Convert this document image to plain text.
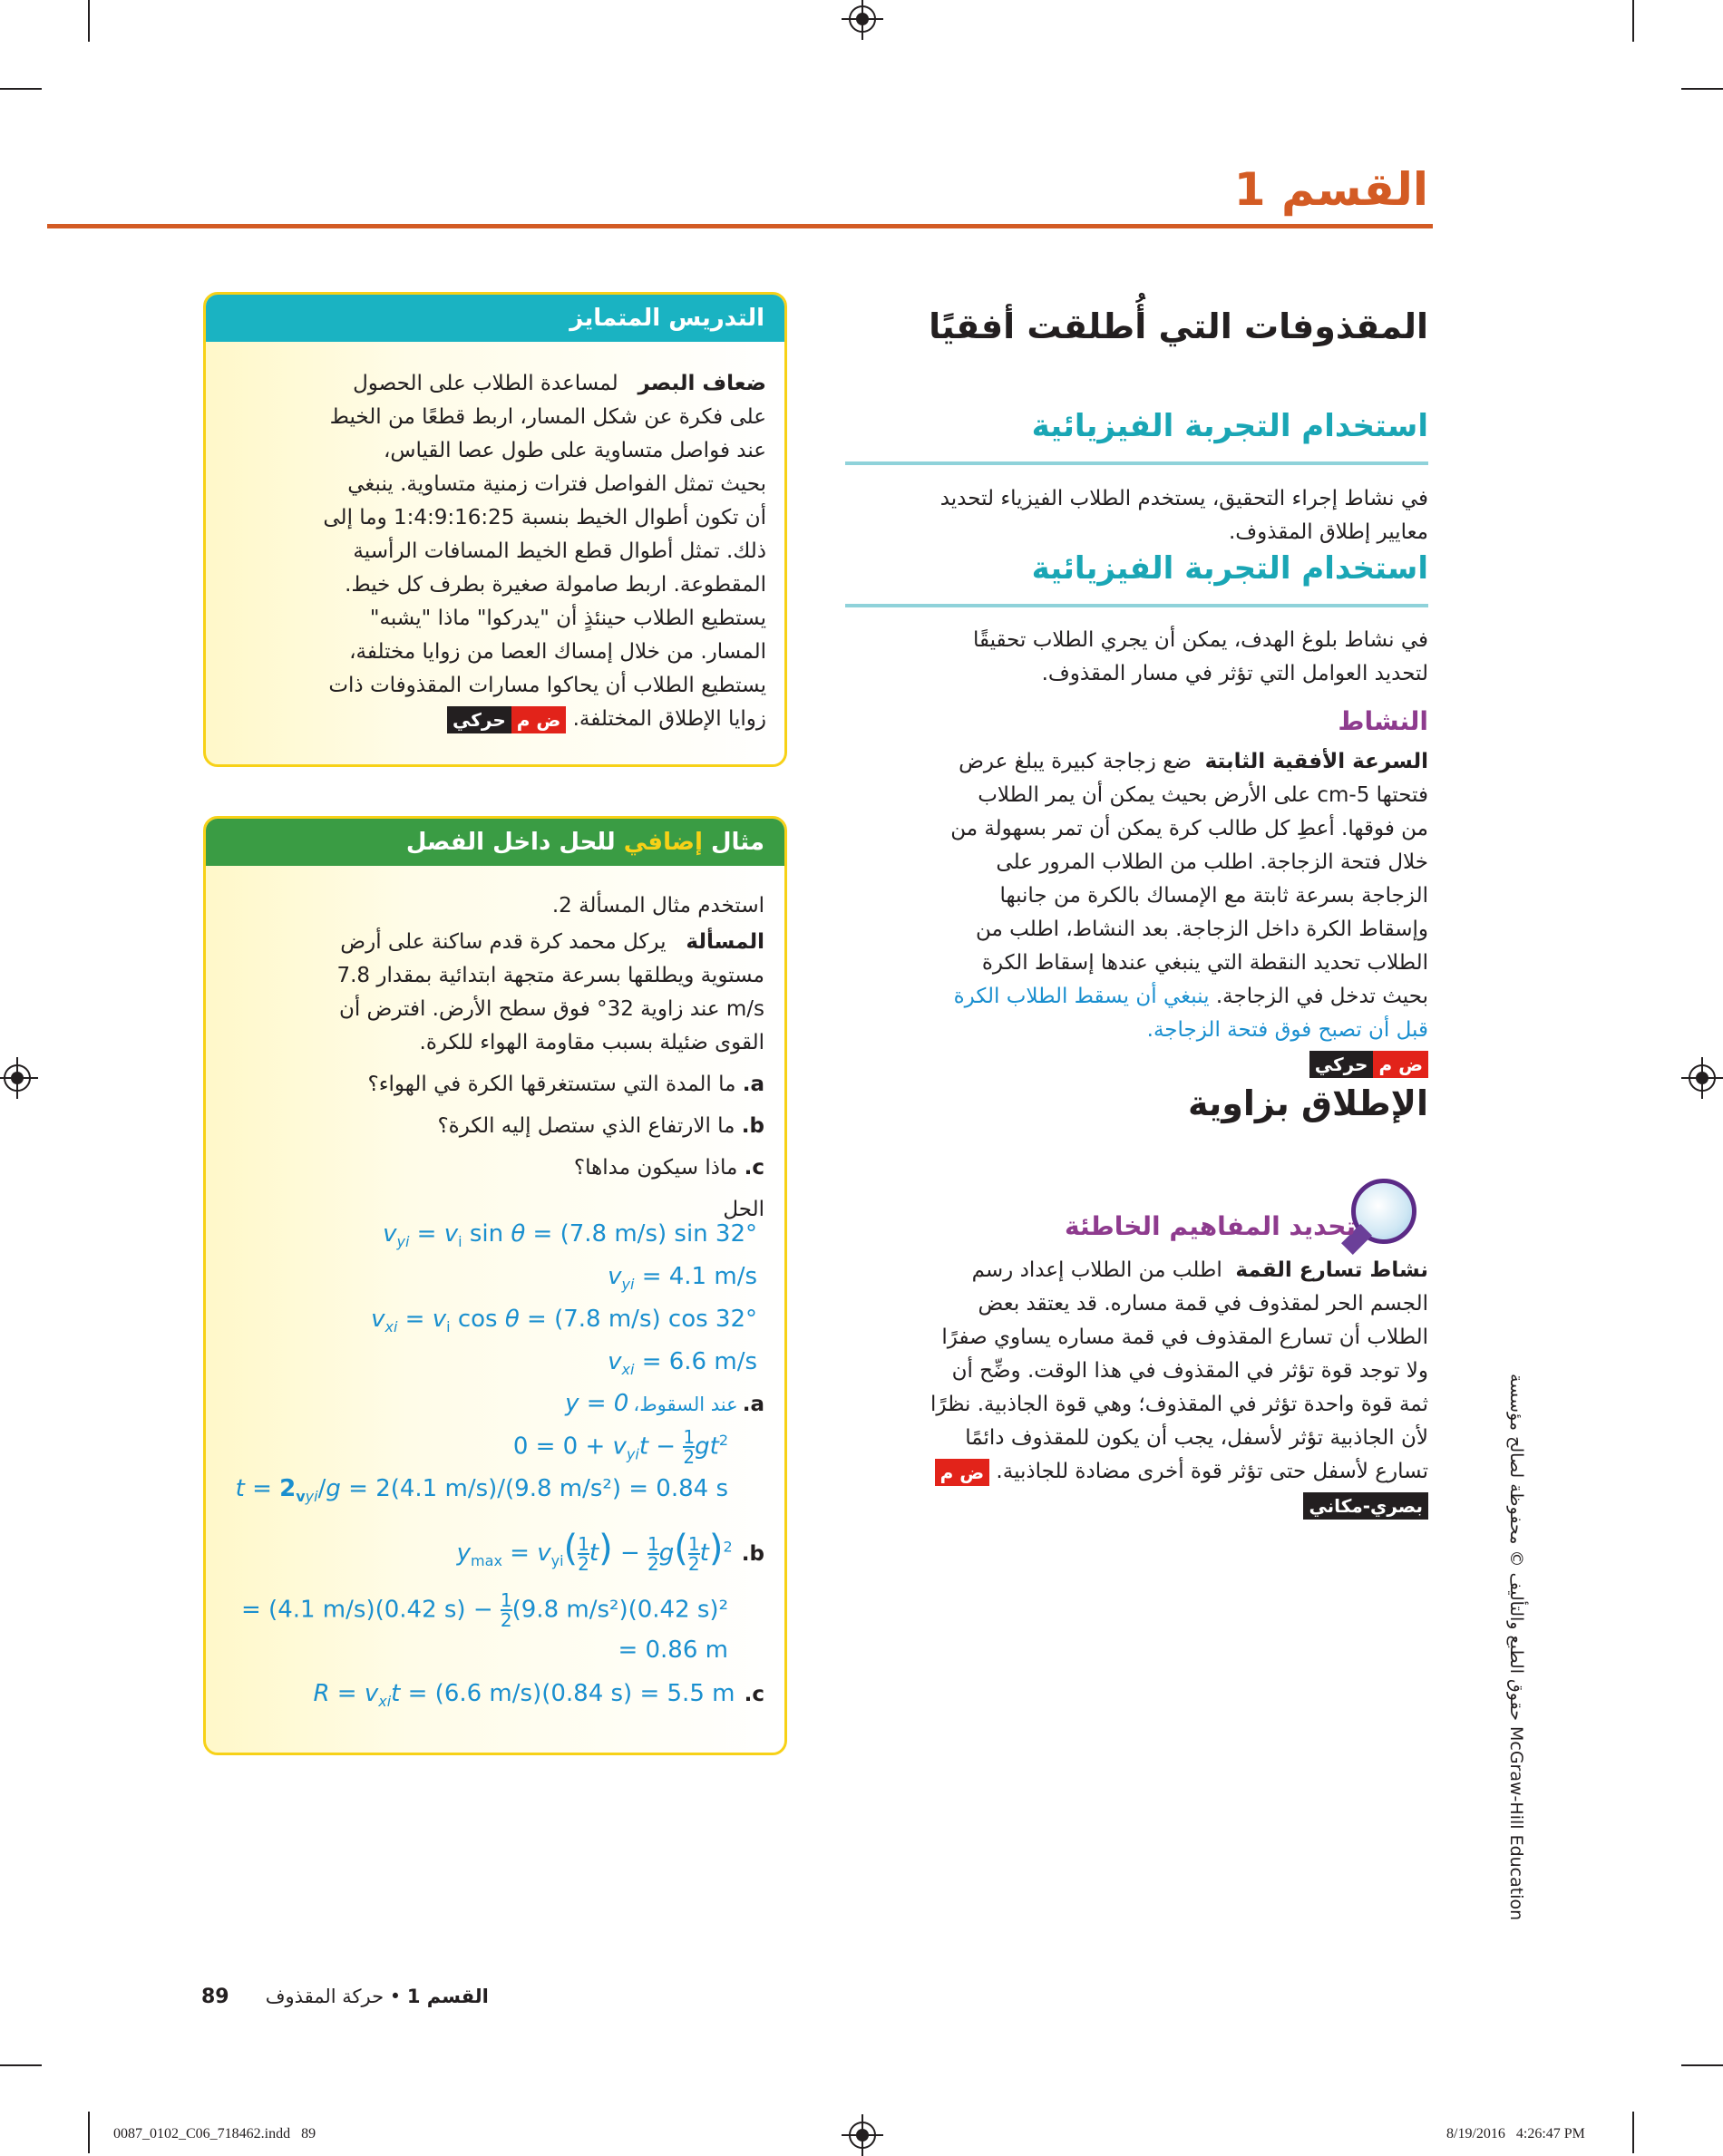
القسم 1
المقذوفات التي أُطلقت أفقيًا
استخدام التجربة الفيزيائية
في نشاط إجراء التحقيق، يستخدم الطلاب الفيزياء لتحديد
معايير إطلاق المقذوف.
استخدام التجربة الفيزيائية
في نشاط بلوغ الهدف، يمكن أن يجري الطلاب تحقيقًا
لتحديد العوامل التي تؤثر في مسار المقذوف.
النشاط
السرعة الأفقية الثابتة  ضع زجاجة كبيرة يبلغ عرض
فتحتها 5-cm على الأرض بحيث يمكن أن يمر الطلاب
من فوقها. أعطِ كل طالب كرة يمكن أن تمر بسهولة من
خلال فتحة الزجاجة. اطلب من الطلاب المرور على
الزجاجة بسرعة ثابتة مع الإمساك بالكرة من جانبها
وإسقاط الكرة داخل الزجاجة. بعد النشاط، اطلب من
الطلاب تحديد النقطة التي ينبغي عندها إسقاط الكرة
بحيث تدخل في الزجاجة. ينبغي أن يسقط الطلاب الكرة
قبل أن تصبح فوق فتحة الزجاجة.
ض محركي
الإطلاق بزاوية
تحديد المفاهيم الخاطئة
نشاط تسارع القمة  اطلب من الطلاب إعداد رسم
الجسم الحر لمقذوف في قمة مساره. قد يعتقد بعض
الطلاب أن تسارع المقذوف في قمة مساره يساوي صفرًا
ولا توجد قوة تؤثر في المقذوف في هذا الوقت. وضِّح أن
ثمة قوة واحدة تؤثر في المقذوف؛ وهي قوة الجاذبية. نظرًا
لأن الجاذبية تؤثر لأسفل، يجب أن يكون للمقذوف دائمًا
تسارع لأسفل حتى تؤثر قوة أخرى مضادة للجاذبية. ض م
بصري-مكاني
التدريس المتمايز
ضعاف البصر   لمساعدة الطلاب على الحصول
على فكرة عن شكل المسار، اربط قطعًا من الخيط
عند فواصل متساوية على طول عصا القياس،
بحيث تمثل الفواصل فترات زمنية متساوية. ينبغي
أن تكون أطوال الخيط بنسبة 1:4:9:16:25 وما إلى
ذلك. تمثل أطوال قطع الخيط المسافات الرأسية
المقطوعة. اربط صامولة صغيرة بطرف كل خيط.
يستطيع الطلاب حينئذٍ أن "يدركوا" ماذا "يشبه"
المسار. من خلال إمساك العصا من زوايا مختلفة،
يستطيع الطلاب أن يحاكوا مسارات المقذوفات ذات
زوايا الإطلاق المختلفة. ض محركي
مثال إضافي للحل داخل الفصل
استخدم مثال المسألة 2.
المسألة   يركل محمد كرة قدم ساكنة على أرض
مستوية ويطلقها بسرعة متجهة ابتدائية بمقدار 7.8
m/s عند زاوية 32° فوق سطح الأرض. افترض أن
القوى ضئيلة بسبب مقاومة الهواء للكرة.
a. ما المدة التي ستستغرقها الكرة في الهواء؟
b. ما الارتفاع الذي ستصل إليه الكرة؟
c. ماذا سيكون مداها؟
الحل
$v_{yi} = v_i$ sin θ = (7.8 m/s) sin 32°
$v_{yi} = 4.1$ m/s
$v_{xi} = v_i$ cos θ = (7.8 m/s) cos 32°
$v_{xi} = 6.6$ m/s
a. عند السقوط، y = 0
$0 = 0 + v_{yi}t - \frac{1}{2} gt^2$
$t = 2_{vyi}/g = 2(4.1$ m/s)/(9.8 m/s²) = 0.84 s
$y_{max} = v_{yi}( \frac{1}{2} t) - \frac{1}{2} g( \frac{1}{2} t)^2$ .b
= (4.1 m/s)(0.42 $s) - \frac{1}{2} (9.8$ m/s²)(0.42 s)²
= 0.86 m
$R = v_{xi}t = (6.6$ m/s)(0.84 s) = 5.5 m .c	حقوق الطبع والتأليف © محفوظة لصالح مؤسسة McGraw-Hill Education
89	القسم 1 • حركة المقذوف
0087_0102_C06_718462.indd   89	8/19/2016   4:26:47 PM
